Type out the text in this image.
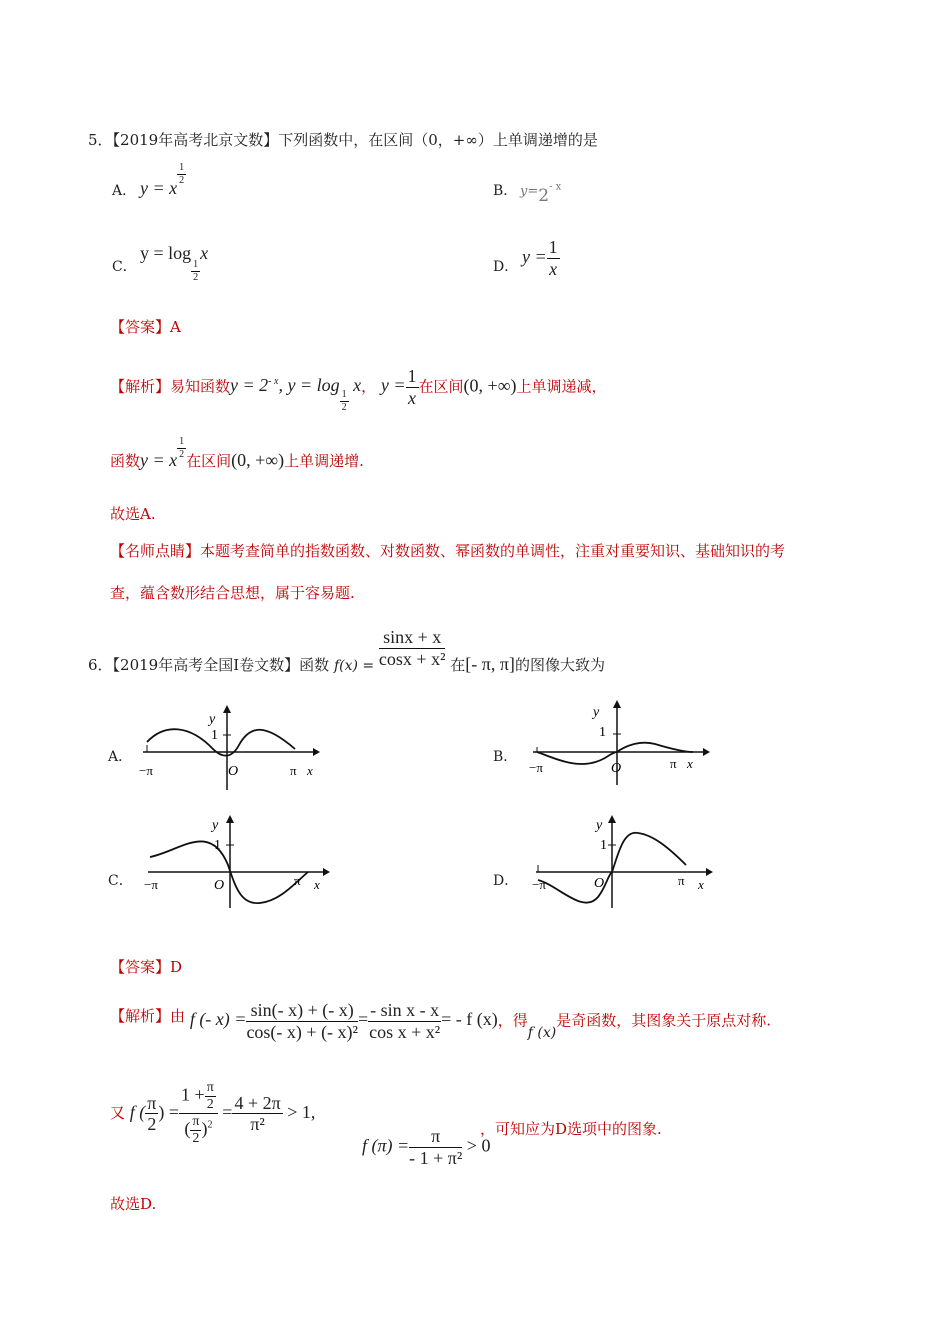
5．【2019年高考北京文数】下列函数中，在区间（0，+∞）上单调递增的是
A． y = x
$\frac{1}{2}$
B． $y=2^{- x}$
C．
y = log
$\frac{1}{2}$
x
D．
$y = \frac{1}{x}$
【答案】A
【解析】易知函数$y = 2^{- x}$, y = log
$\frac{1}{2}$
x， $y = \frac{1}{x}$ 在区间(0, +∞)上单调递减，
函数y = x
$\frac{1}{2}$
在区间(0, +∞)上单调递增.
故选A.
【名师点睛】本题考查简单的指数函数、对数函数、幂函数的单调性，注重对重要知识、基础知识的考
查，蕴含数形结合思想，属于容易题.
6．【2019年高考全国Ⅰ卷文数】函数 $f(x) = \frac{\sin x + x}{\text{cosx + x²}}$ 在[- π, π]的图像大致为
A．	B．
C．	D．
y
1
O
−π	π x
y
1
O
−π	π x
y
1
O
−π	π x
y
1
O
−π	π x
【答案】D
【解析】由 f (- $x) = \frac{\sin(- x) + (- x)}{\text{cos(- x) + (- x)²}} = \frac{\text{- sin x - x}}{\text{cos x + x²}}$ = - f (x)，得f (x)是奇函数，其图象关于原点对称.
又 f ( $\frac{\pi}{2}$ ) = $\frac{1 + \frac{\pi}{2}}{( \frac{\pi}{2} )^2} = \frac{4 + 2\pi}{\text{π²}} > 1$,
f $(\pi) = \frac{\pi}{\text{- 1 + π²}} > 0$
，可知应为D选项中的图象.
故选D.
